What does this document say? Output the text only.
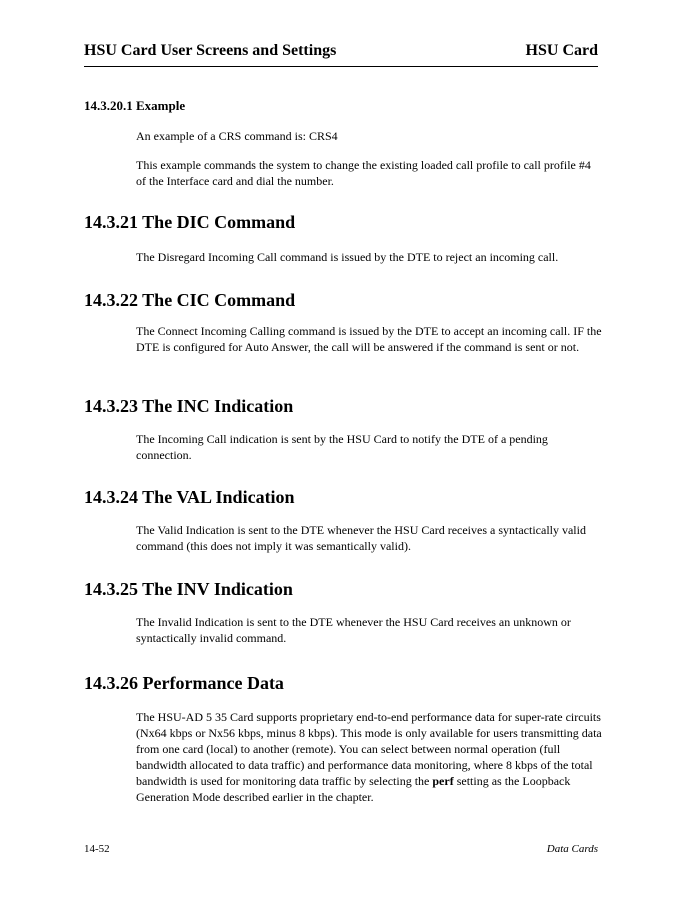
HSU Card User Screens and Settings	HSU Card
14.3.20.1 Example

An example of a CRS command is: CRS4

This example commands the system to change the existing loaded call profile to call profile #4 of the Interface card and dial the number.

14.3.21 The DIC Command

The Disregard Incoming Call command is issued by the DTE to reject an incoming call.

14.3.22 The CIC Command

The Connect Incoming Calling command is issued by the DTE to accept an incoming call. IF the DTE is configured for Auto Answer, the call will be answered if the command is sent or not.

14.3.23 The INC Indication

The Incoming Call indication is sent by the HSU Card to notify the DTE of a pending connection.

14.3.24 The VAL Indication

The Valid Indication is sent to the DTE whenever the HSU Card receives a syntactically valid command (this does not imply it was semantically valid).

14.3.25 The INV Indication

The Invalid Indication is sent to the DTE whenever the HSU Card receives an unknown or syntactically invalid command.

14.3.26 Performance Data

The HSU-AD 5 35 Card supports proprietary end-to-end performance data for super-rate circuits (Nx64 kbps or Nx56 kbps, minus 8 kbps). This mode is only available for users transmitting data from one card (local) to another (remote). You can select between normal operation (full bandwidth allocated to data traffic) and performance data monitoring, where 8 kbps of the total bandwidth is used for monitoring data traffic by selecting the perf setting as the Loopback Generation Mode described earlier in the chapter.

14-52	Data Cards
